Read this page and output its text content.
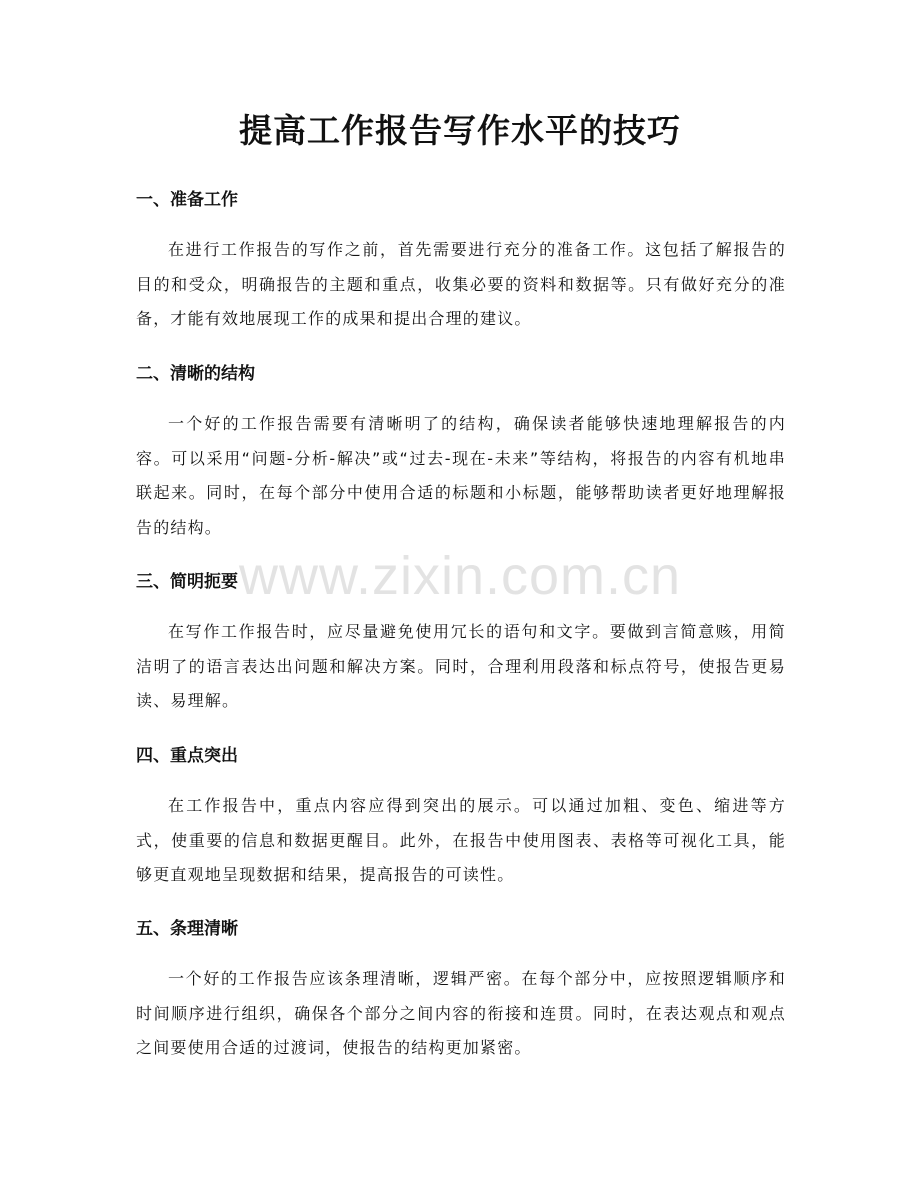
提高工作报告写作水平的技巧
一、准备工作

在进行工作报告的写作之前，首先需要进行充分的准备工作。这包括了解报告的目的和受众，明确报告的主题和重点，收集必要的资料和数据等。只有做好充分的准备，才能有效地展现工作的成果和提出合理的建议。

二、清晰的结构

一个好的工作报告需要有清晰明了的结构，确保读者能够快速地理解报告的内容。可以采用“问题-分析-解决”或“过去-现在-未来”等结构，将报告的内容有机地串联起来。同时，在每个部分中使用合适的标题和小标题，能够帮助读者更好地理解报告的结构。

三、简明扼要

在写作工作报告时，应尽量避免使用冗长的语句和文字。要做到言简意赅，用简洁明了的语言表达出问题和解决方案。同时，合理利用段落和标点符号，使报告更易读、易理解。

四、重点突出

在工作报告中，重点内容应得到突出的展示。可以通过加粗、变色、缩进等方式，使重要的信息和数据更醒目。此外，在报告中使用图表、表格等可视化工具，能够更直观地呈现数据和结果，提高报告的可读性。

五、条理清晰

一个好的工作报告应该条理清晰，逻辑严密。在每个部分中，应按照逻辑顺序和时间顺序进行组织，确保各个部分之间内容的衔接和连贯。同时，在表达观点和观点之间要使用合适的过渡词，使报告的结构更加紧密。

www.zixin.com.cn
